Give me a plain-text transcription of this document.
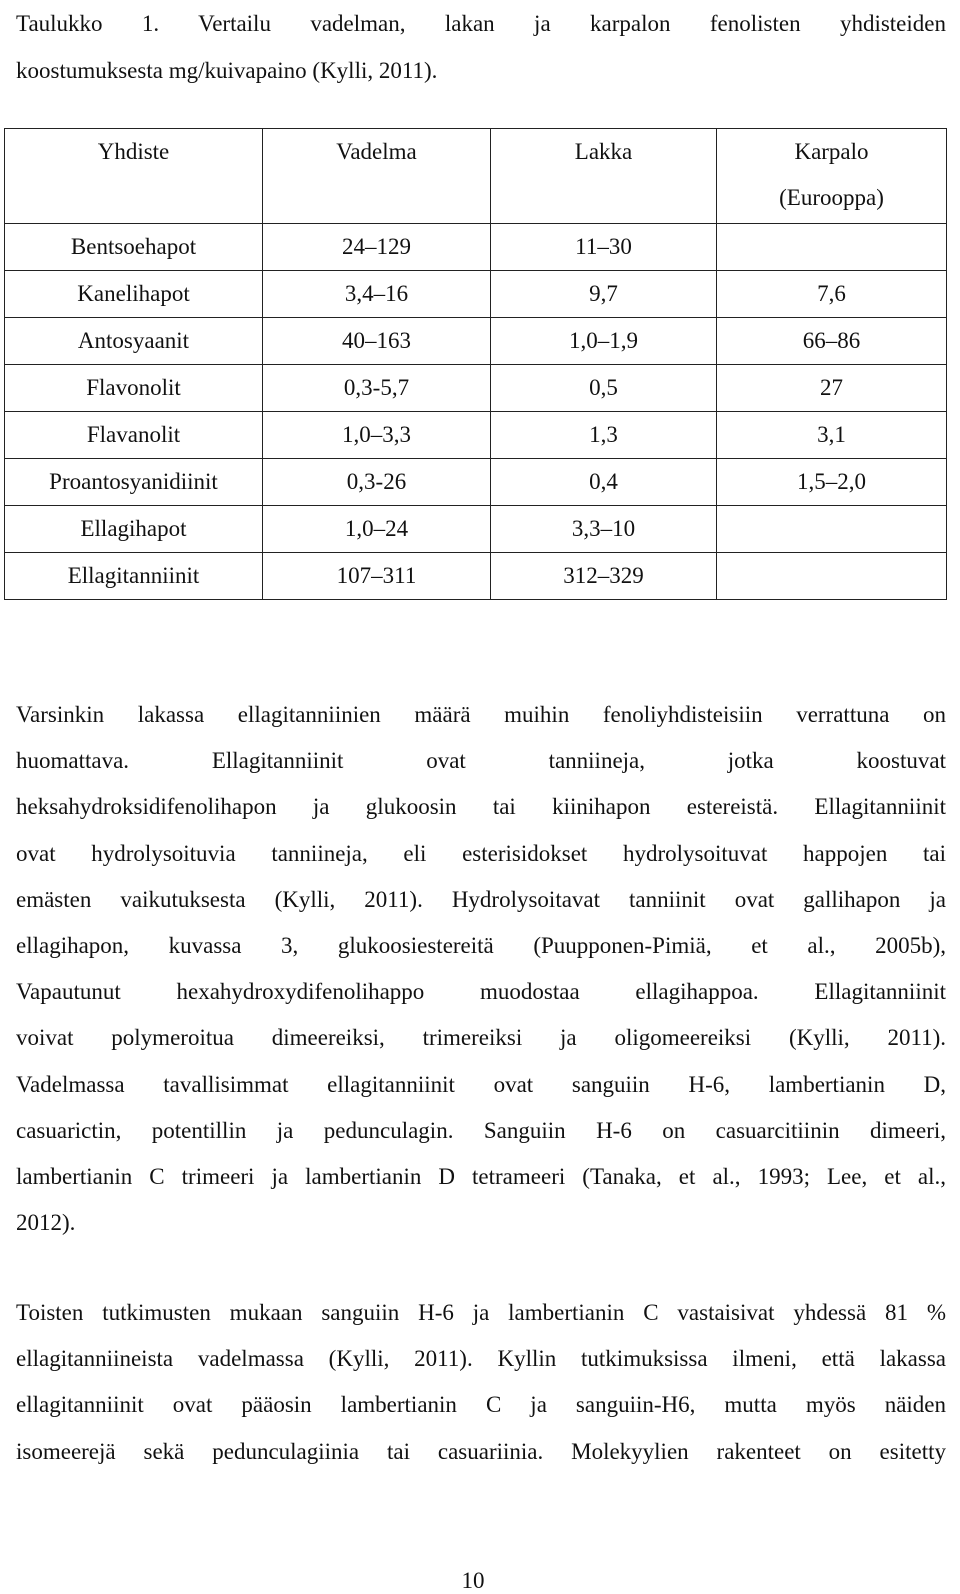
Taulukko 1. Vertailu vadelman, lakan ja karpalon fenolisten yhdisteiden
koostumuksesta mg/kuivapaino (Kylli, 2011).
Yhdiste	Vadelma	Lakka	Karpalo
(Eurooppa)

Bentsoehapot	24‒129	11‒30	
Kanelihapot	3,4‒16	9,7	7,6
Antosyaanit	40‒163	1,0‒1,9	66‒86
Flavonolit	0,3-5,7	0,5	27
Flavanolit	1,0‒3,3	1,3	3,1
Proantosyanidiinit	0,3-26	0,4	1,5‒2,0
Ellagihapot	1,0‒24	3,3‒10	
Ellagitanniinit	107‒311	312‒329	
Varsinkin lakassa ellagitanniinien määrä muihin fenoliyhdisteisiin verrattuna on
huomattava. Ellagitanniinit ovat tanniineja, jotka koostuvat
heksahydroksidifenolihapon ja glukoosin tai kiinihapon estereistä. Ellagitanniinit
ovat hydrolysoituvia tanniineja, eli esterisidokset hydrolysoituvat happojen tai
emästen vaikutuksesta (Kylli, 2011). Hydrolysoitavat tanniinit ovat gallihapon ja
ellagihapon, kuvassa 3, glukoosiestereitä (Puupponen-Pimiä, et al., 2005b),
Vapautunut hexahydroxydifenolihappo muodostaa ellagihappoa. Ellagitanniinit
voivat polymeroitua dimeereiksi, trimereiksi ja oligomeereiksi (Kylli, 2011).
Vadelmassa tavallisimmat ellagitanniinit ovat sanguiin H-6, lambertianin D,
casuarictin, potentillin ja pedunculagin. Sanguiin H-6 on casuarcitiinin dimeeri,
lambertianin C trimeeri ja lambertianin D tetrameeri (Tanaka, et al., 1993; Lee, et al.,
2012).
Toisten tutkimusten mukaan sanguiin H-6 ja lambertianin C vastaisivat yhdessä 81 %
ellagitanniineista vadelmassa (Kylli, 2011). Kyllin tutkimuksissa ilmeni, että lakassa
ellagitanniinit ovat pääosin lambertianin C ja sanguiin-H6, mutta myös näiden
isomeerejä sekä pedunculagiinia tai casuariinia. Molekyylien rakenteet on esitetty
10
